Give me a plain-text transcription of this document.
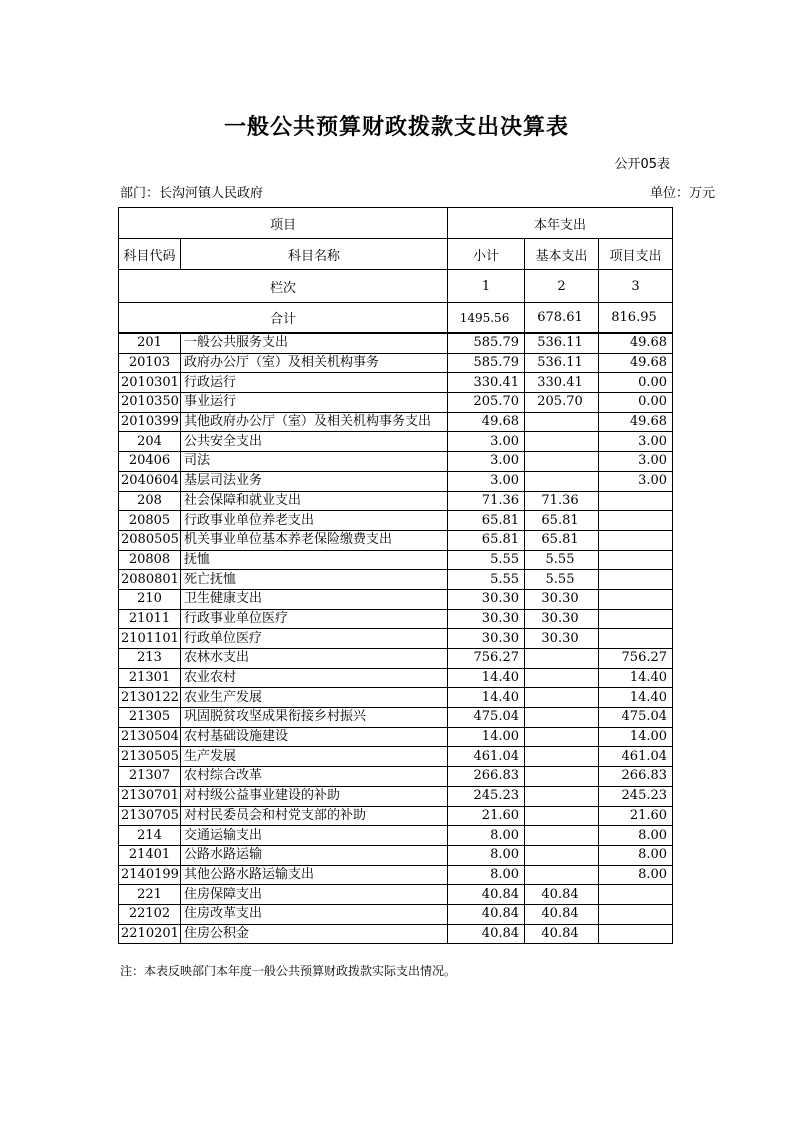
一般公共预算财政拨款支出决算表
公开05表
部门：长沟河镇人民政府	单位：万元
项目		本年支出		
科目代码	科目名称	小计	基本支出	项目支出
栏次		1	2	3
合计		1495.56	678.61	816.95
201	一般公共服务支出	585.79	536.11	49.68
20103	政府办公厅（室）及相关机构事务	585.79	536.11	49.68
2010301	行政运行	330.41	330.41	0.00
2010350	事业运行	205.70	205.70	0.00
2010399	其他政府办公厅（室）及相关机构事务支出	49.68		49.68
204	公共安全支出	3.00		3.00
20406	司法	3.00		3.00
2040604	基层司法业务	3.00		3.00
208	社会保障和就业支出	71.36	71.36	
20805	行政事业单位养老支出	65.81	65.81	
2080505	机关事业单位基本养老保险缴费支出	65.81	65.81	
20808	抚恤	5.55	5.55	
2080801	死亡抚恤	5.55	5.55	
210	卫生健康支出	30.30	30.30	
21011	行政事业单位医疗	30.30	30.30	
2101101	行政单位医疗	30.30	30.30	
213	农林水支出	756.27		756.27
21301	农业农村	14.40		14.40
2130122	农业生产发展	14.40		14.40
21305	巩固脱贫攻坚成果衔接乡村振兴	475.04		475.04
2130504	农村基础设施建设	14.00		14.00
2130505	生产发展	461.04		461.04
21307	农村综合改革	266.83		266.83
2130701	对村级公益事业建设的补助	245.23		245.23
2130705	对村民委员会和村党支部的补助	21.60		21.60
214	交通运输支出	8.00		8.00
21401	公路水路运输	8.00		8.00
2140199	其他公路水路运输支出	8.00		8.00
221	住房保障支出	40.84	40.84	
22102	住房改革支出	40.84	40.84	
2210201	住房公积金	40.84	40.84	
注：本表反映部门本年度一般公共预算财政拨款实际支出情况。
